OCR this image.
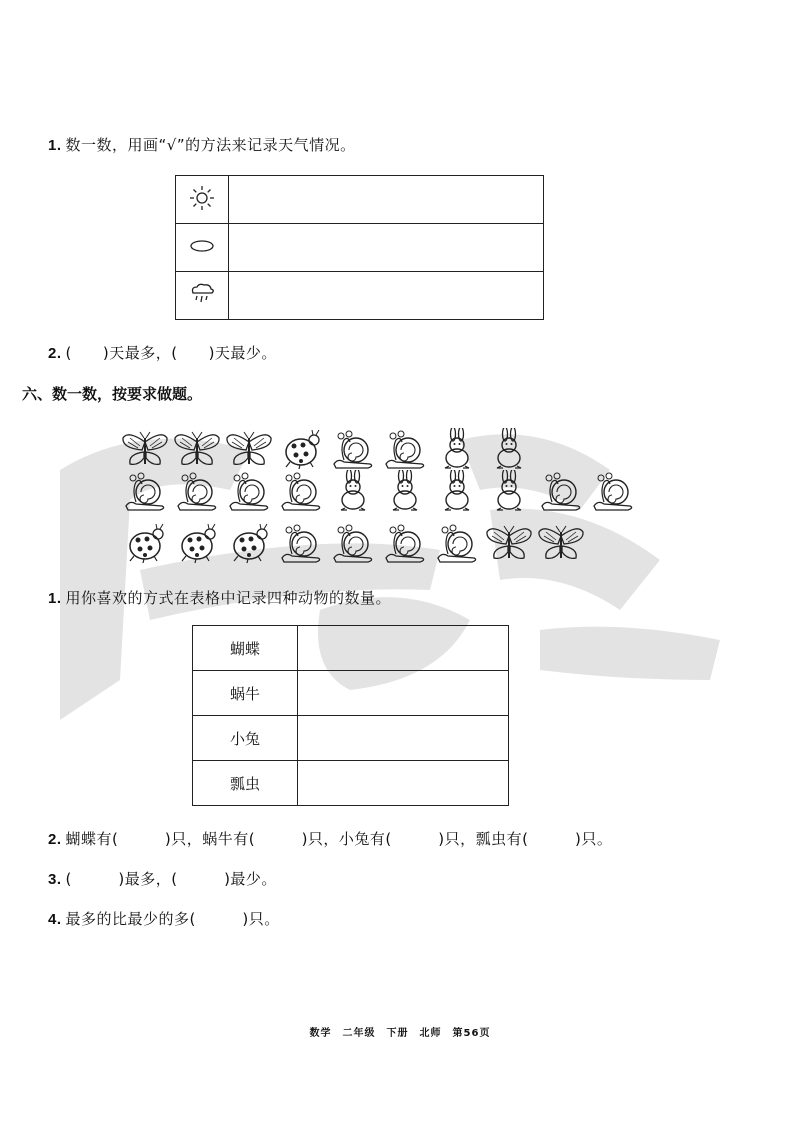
1. 数一数，用画“√”的方法来记录天气情况。

2. (　　)天最多，(　　)天最少。
六、数一数，按要求做题。
1. 用你喜欢的方式在表格中记录四种动物的数量。
蝴蝶	
蜗牛	
小兔	
瓢虫	
2. 蝴蝶有(　　　)只，蜗牛有(　　　)只，小兔有(　　　)只，瓢虫有(　　　)只。
3. (　　　)最多，(　　　)最少。
4. 最多的比最少的多(　　　)只。
数学　二年级　下册　北师　第56页
